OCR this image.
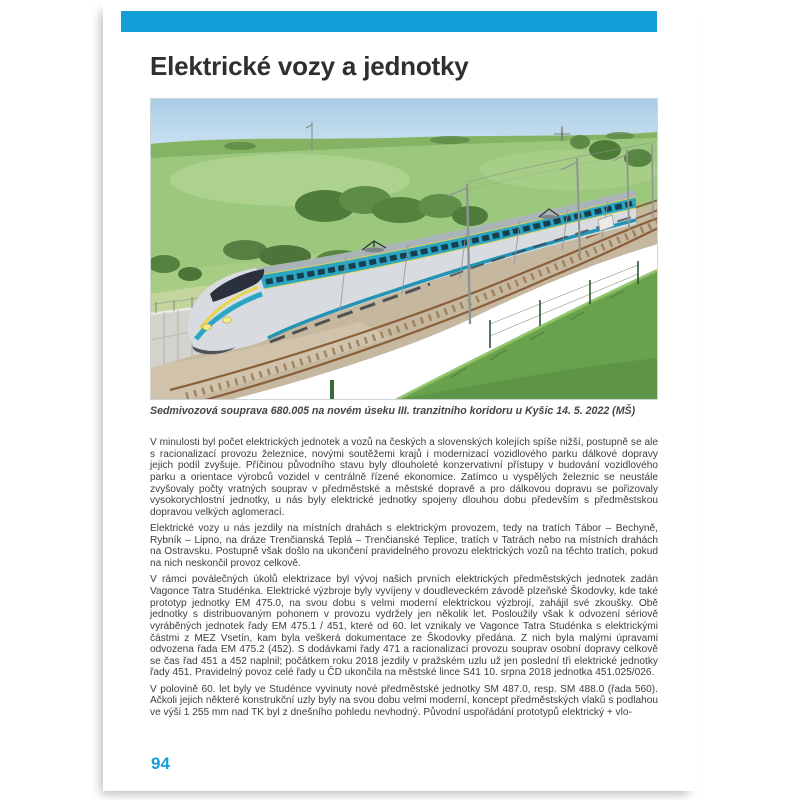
Elektrické vozy a jednotky
Sedmivozová souprava 680.005 na novém úseku III. tranzitního koridoru u Kyšic 14. 5. 2022 (MŠ)

V minulosti byl počet elektrických jednotek a vozů na českých a slovenských kolejích spíše nižší, postupně se ale s racionalizací provozu železnice, novými soutěžemi krajů i modernizací vozidlového parku dálkové dopravy jejich podíl zvyšuje. Příčinou původního stavu byly dlouholeté konzervativní přístupy v budování vozidlového parku a orientace výrobců vozidel v centrálně řízené ekonomice. Zatímco u vyspělých železnic se neustále zvyšovaly počty vratných souprav v předměstské a městské dopravě a pro dálkovou dopravu se pořizovaly vysokorychlostní jednotky, u nás byly elektrické jednotky spojeny dlouhou dobu především s předměstskou dopravou velkých aglomerací.

Elektrické vozy u nás jezdily na místních drahách s elektrickým provozem, tedy na tratích Tábor – Bechyně, Rybník – Lipno, na dráze Trenčianská Teplá – Trenčianské Teplice, tratích v Tatrách nebo na místních drahách na Ostravsku. Postupně však došlo na ukončení pravidelného provozu elektrických vozů na těchto tratích, pokud na nich neskončil provoz celkově.

V rámci poválečných úkolů elektrizace byl vývoj našich prvních elektrických předměstských jednotek zadán Vagonce Tatra Studénka. Elektrické výzbroje byly vyvíjeny v doudleveckém závodě plzeňské Škodovky, kde také prototyp jednotky EM 475.0, na svou dobu s velmi moderní elektrickou výzbrojí, zahájil své zkoušky. Obě jednotky s distribuovaným pohonem v provozu vydržely jen několik let. Posloužily však k odvození sériově vyráběných jednotek řady EM 475.1 / 451, které od 60. let vznikaly ve Vagonce Tatra Studénka s elektrickými částmi z MEZ Vsetín, kam byla veškerá dokumentace ze Škodovky předána. Z nich byla malými úpravami odvozena řada EM 475.2 (452). S dodávkami řady 471 a racionalizací provozu souprav osobní dopravy celkově se čas řad 451 a 452 naplnil; počátkem roku 2018 jezdily v pražském uzlu už jen poslední tři elektrické jednotky řady 451. Pravidelný povoz celé řady u ČD ukončila na městské lince S41 10. srpna 2018 jednotka 451.025/026.

V polovině 60. let byly ve Studénce vyvinuty nové předměstské jednotky SM 487.0, resp. SM 488.0 (řada 560). Ačkoli jejich některé konstrukční uzly byly na svou dobu velmi moderní, koncept předměstských vlaků s podlahou ve výši 1 255 mm nad TK byl z dnešního pohledu nevhodný. Původní uspořádání prototypů elektrický + vlo-

94
